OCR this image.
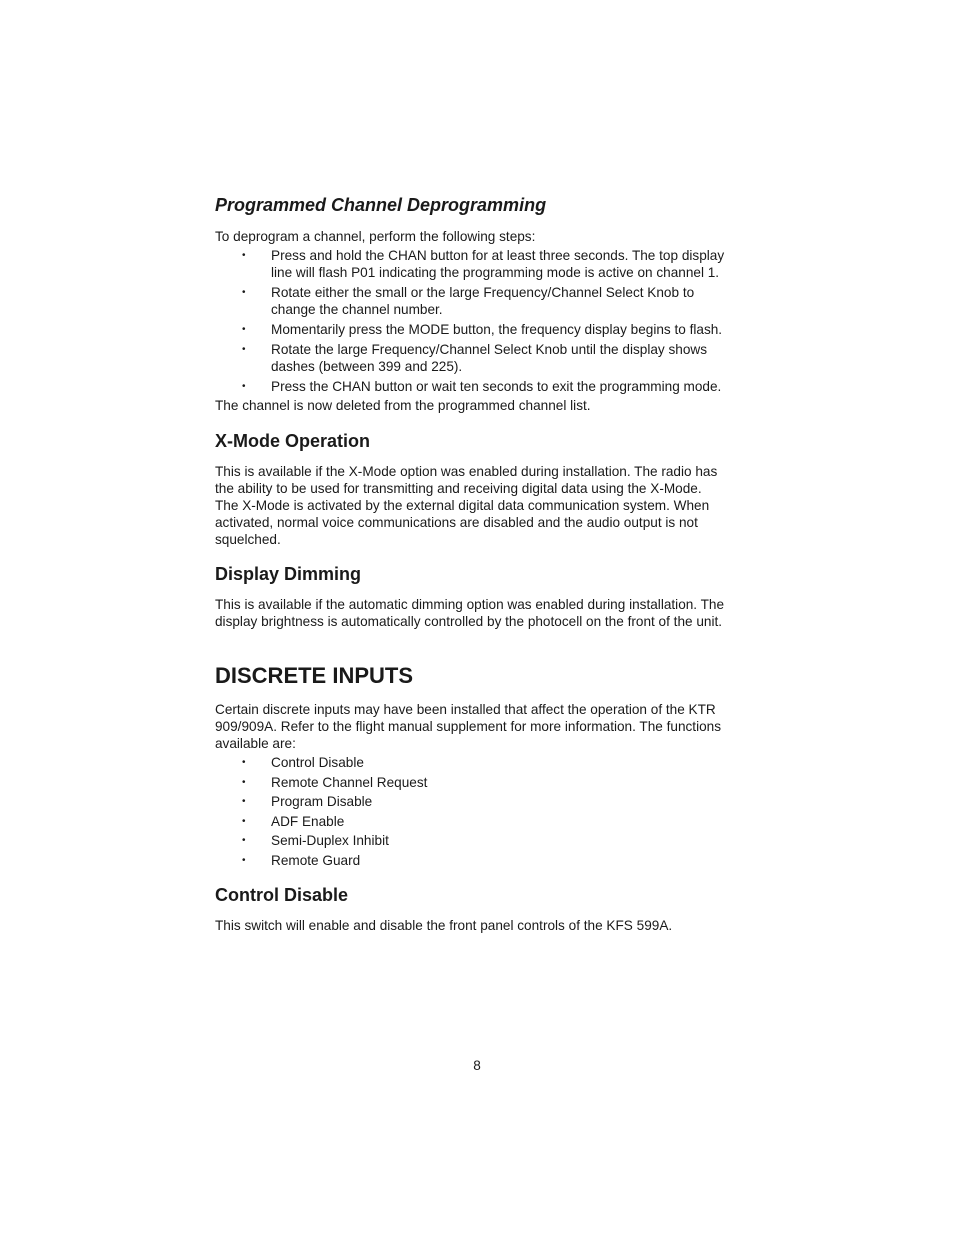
Programmed Channel Deprogramming

To deprogram a channel, perform the following steps:

• Press and hold the CHAN button for at least three seconds. The top display line will flash P01 indicating the programming mode is active on channel 1.
• Rotate either the small or the large Frequency/Channel Select Knob to change the channel number.
• Momentarily press the MODE button, the frequency display begins to flash.
• Rotate the large Frequency/Channel Select Knob until the display shows dashes (between 399 and 225).
• Press the CHAN button or wait ten seconds to exit the programming mode.

The channel is now deleted from the programmed channel list.

X-Mode Operation

This is available if the X-Mode option was enabled during installation. The radio has the ability to be used for transmitting and receiving digital data using the X-Mode. The X-Mode is activated by the external digital data communication system. When activated, normal voice communications are disabled and the audio output is not squelched.

Display Dimming

This is available if the automatic dimming option was enabled during installation. The display brightness is automatically controlled by the photocell on the front of the unit.

DISCRETE INPUTS

Certain discrete inputs may have been installed that affect the operation of the KTR 909/909A. Refer to the flight manual supplement for more information. The functions available are:

• Control Disable
• Remote Channel Request
• Program Disable
• ADF Enable
• Semi-Duplex Inhibit
• Remote Guard
Control Disable

This switch will enable and disable the front panel controls of the KFS 599A.

8
